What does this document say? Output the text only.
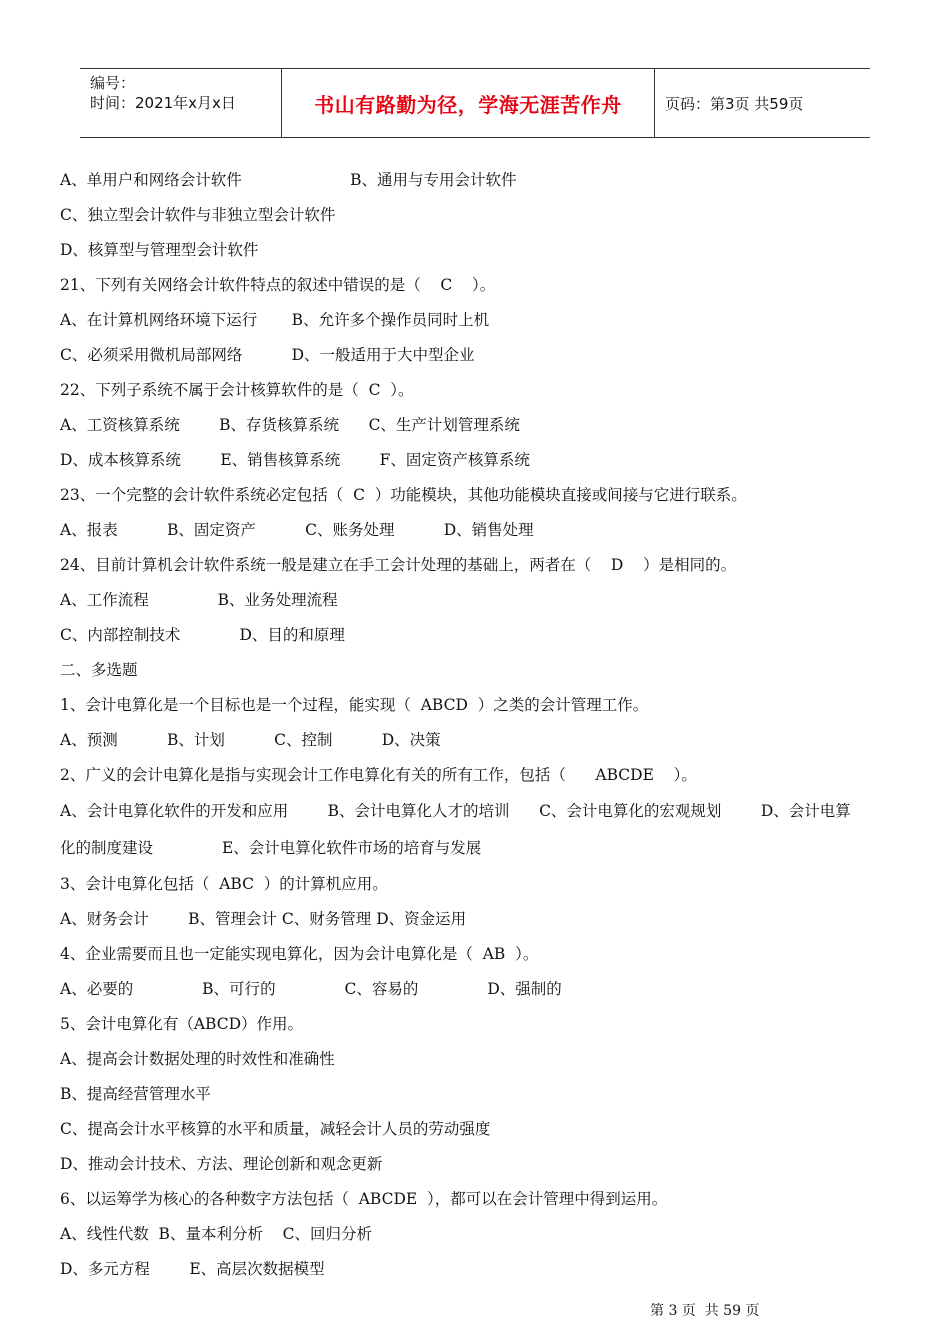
编号：
时间：2021年x月x日	书山有路勤为径，学海无涯苦作舟	页码：第3页 共59页
A、单用户和网络会计软件                      B、通用与专用会计软件
C、独立型会计软件与非独立型会计软件
D、核算型与管理型会计软件
21、下列有关网络会计软件特点的叙述中错误的是（    C    ）。
A、在计算机网络环境下运行       B、允许多个操作员同时上机
C、必须采用微机局部网络          D、一般适用于大中型企业
22、下列子系统不属于会计核算软件的是（  C  ）。
A、工资核算系统        B、存货核算系统      C、生产计划管理系统
D、成本核算系统        E、销售核算系统        F、固定资产核算系统
23、一个完整的会计软件系统必定包括（  C  ）功能模块，其他功能模块直接或间接与它进行联系。
A、报表          B、固定资产          C、账务处理          D、销售处理
24、目前计算机会计软件系统一般是建立在手工会计处理的基础上，两者在（    D    ）是相同的。
A、工作流程              B、业务处理流程
C、内部控制技术            D、目的和原理
二、多选题
1、会计电算化是一个目标也是一个过程，能实现（  ABCD  ）之类的会计管理工作。
A、预测          B、计划          C、控制          D、决策
2、广义的会计电算化是指与实现会计工作电算化有关的所有工作，包括（      ABCDE    ）。
A、会计电算化软件的开发和应用        B、会计电算化人才的培训      C、会计电算化的宏观规划        D、会计电算
化的制度建设              E、会计电算化软件市场的培育与发展
3、会计电算化包括（  ABC  ）的计算机应用。
A、财务会计        B、管理会计 C、财务管理 D、资金运用
4、企业需要而且也一定能实现电算化，因为会计电算化是（  AB  ）。
A、必要的              B、可行的              C、容易的              D、强制的
5、会计电算化有（ABCD）作用。
A、提高会计数据处理的时效性和准确性
B、提高经营管理水平
C、提高会计水平核算的水平和质量，减轻会计人员的劳动强度
D、推动会计技术、方法、理论创新和观念更新
6、以运筹学为核心的各种数字方法包括（  ABCDE  ），都可以在会计管理中得到运用。
A、线性代数  B、量本利分析    C、回归分析
D、多元方程        E、高层次数据模型
第 3 页  共 59 页
